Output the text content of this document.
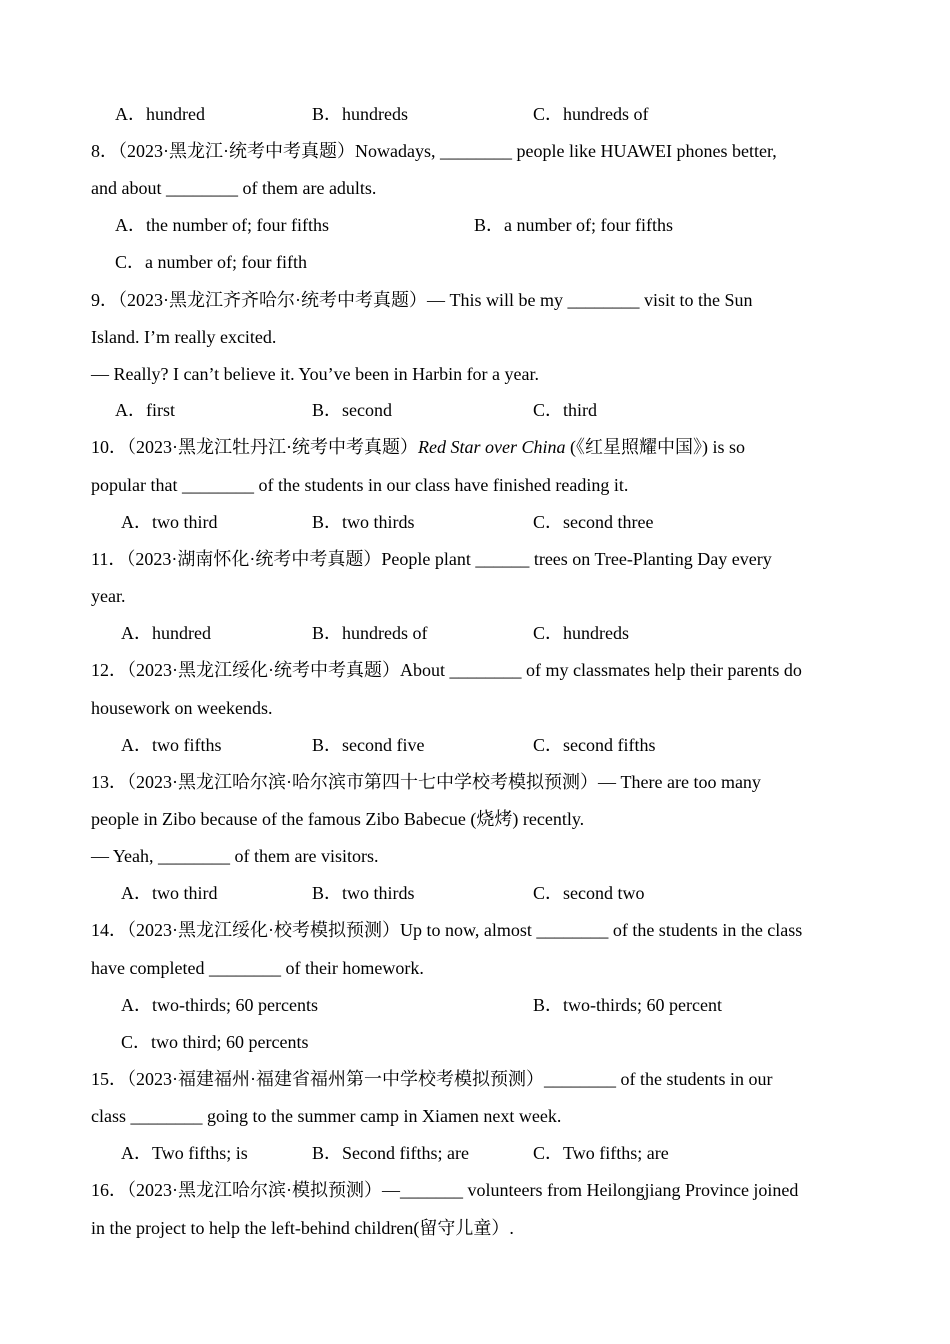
A．hundred	B．hundreds	C．hundreds of
8．（2023·黑龙江·统考中考真题）Nowadays, ________ people like HUAWEI phones better,
and about ________ of them are adults.
A．the number of; four fifths	B．a number of; four fifths
C．a number of; four fifth
9．（2023·黑龙江齐齐哈尔·统考中考真题）— This will be my ________ visit to the Sun
Island. I’m really excited.
— Really? I can’t believe it. You’ve been in Harbin for a year.
A．first	B．second	C．third
10．（2023·黑龙江牡丹江·统考中考真题）Red Star over China (《红星照耀中国》) is so
popular that ________ of the students in our class have finished reading it.
A．two third	B．two thirds	C．second three
11．（2023·湖南怀化·统考中考真题）People plant ______ trees on Tree-Planting Day every
year.
A．hundred	B．hundreds of	C．hundreds
12．（2023·黑龙江绥化·统考中考真题）About ________ of my classmates help their parents do
housework on weekends.
A．two fifths	B．second five	C．second fifths
13．（2023·黑龙江哈尔滨·哈尔滨市第四十七中学校考模拟预测）— There are too many
people in Zibo because of the famous Zibo Babecue (烧烤) recently.
— Yeah, ________ of them are visitors.
A．two third	B．two thirds	C．second two
14．（2023·黑龙江绥化·校考模拟预测）Up to now, almost ________ of the students in the class
have completed ________ of their homework.
A．two-thirds; 60 percents	B．two-thirds; 60 percent
C．two third; 60 percents
15．（2023·福建福州·福建省福州第一中学校考模拟预测）________ of the students in our
class ________ going to the summer camp in Xiamen next week.
A．Two fifths; is	B．Second fifths; are	C．Two fifths; are
16．（2023·黑龙江哈尔滨·模拟预测）—_______ volunteers from Heilongjiang Province joined
in the project to help the left-behind children(留守儿童）.
